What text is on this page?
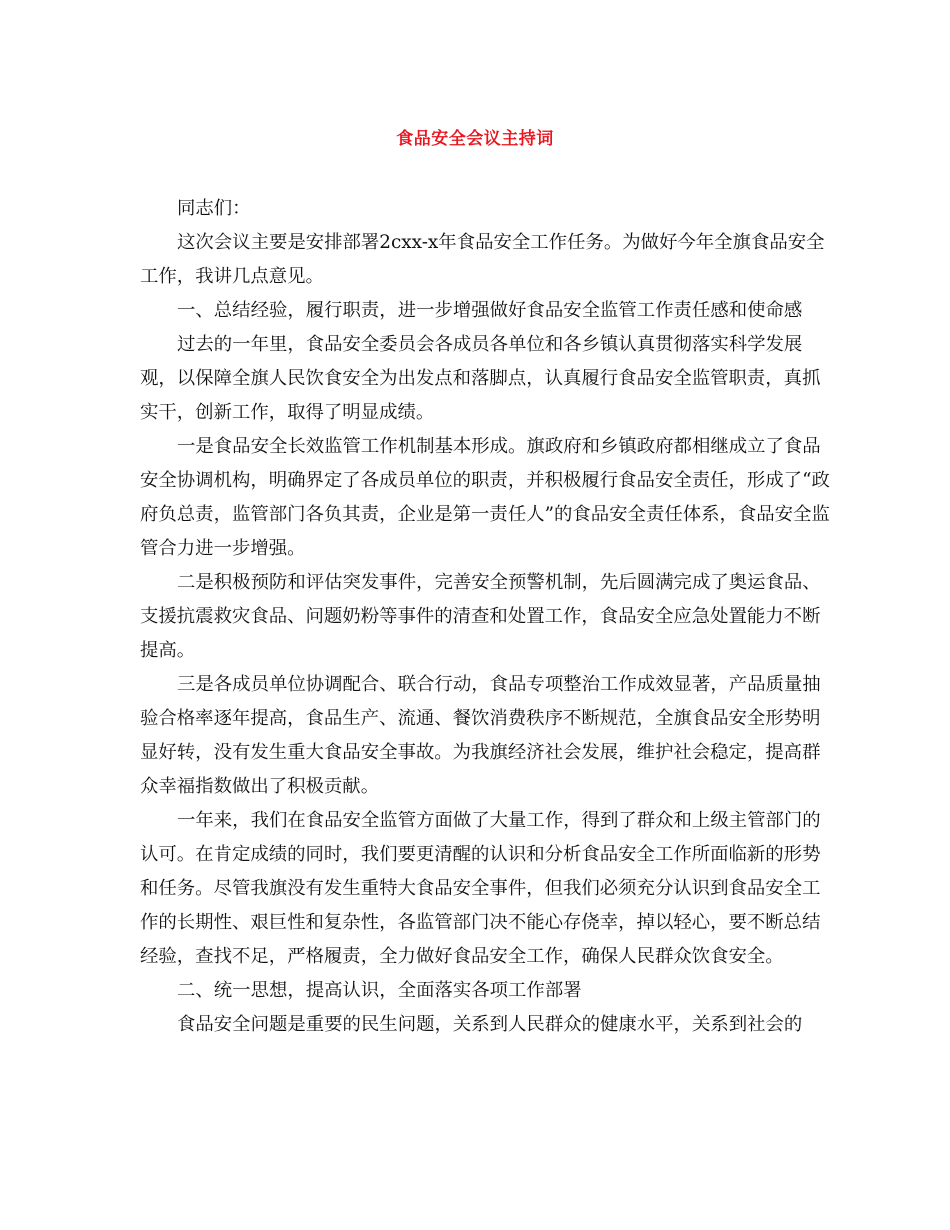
食品安全会议主持词

同志们：

这次会议主要是安排部署2cxx-x年食品安全工作任务。为做好今年全旗食品安全工作，我讲几点意见。

一、总结经验，履行职责，进一步增强做好食品安全监管工作责任感和使命感

过去的一年里，食品安全委员会各成员各单位和各乡镇认真贯彻落实科学发展观，以保障全旗人民饮食安全为出发点和落脚点，认真履行食品安全监管职责，真抓实干，创新工作，取得了明显成绩。

一是食品安全长效监管工作机制基本形成。旗政府和乡镇政府都相继成立了食品安全协调机构，明确界定了各成员单位的职责，并积极履行食品安全责任，形成了“政府负总责，监管部门各负其责，企业是第一责任人”的食品安全责任体系，食品安全监管合力进一步增强。

二是积极预防和评估突发事件，完善安全预警机制，先后圆满完成了奥运食品、支援抗震救灾食品、问题奶粉等事件的清查和处置工作，食品安全应急处置能力不断提高。

三是各成员单位协调配合、联合行动，食品专项整治工作成效显著，产品质量抽验合格率逐年提高，食品生产、流通、餐饮消费秩序不断规范，全旗食品安全形势明显好转，没有发生重大食品安全事故。为我旗经济社会发展，维护社会稳定，提高群众幸福指数做出了积极贡献。

一年来，我们在食品安全监管方面做了大量工作，得到了群众和上级主管部门的认可。在肯定成绩的同时，我们要更清醒的认识和分析食品安全工作所面临新的形势和任务。尽管我旗没有发生重特大食品安全事件，但我们必须充分认识到食品安全工作的长期性、艰巨性和复杂性，各监管部门决不能心存侥幸，掉以轻心，要不断总结经验，查找不足，严格履责，全力做好食品安全工作，确保人民群众饮食安全。

二、统一思想，提高认识，全面落实各项工作部署

食品安全问题是重要的民生问题，关系到人民群众的健康水平，关系到社会的
